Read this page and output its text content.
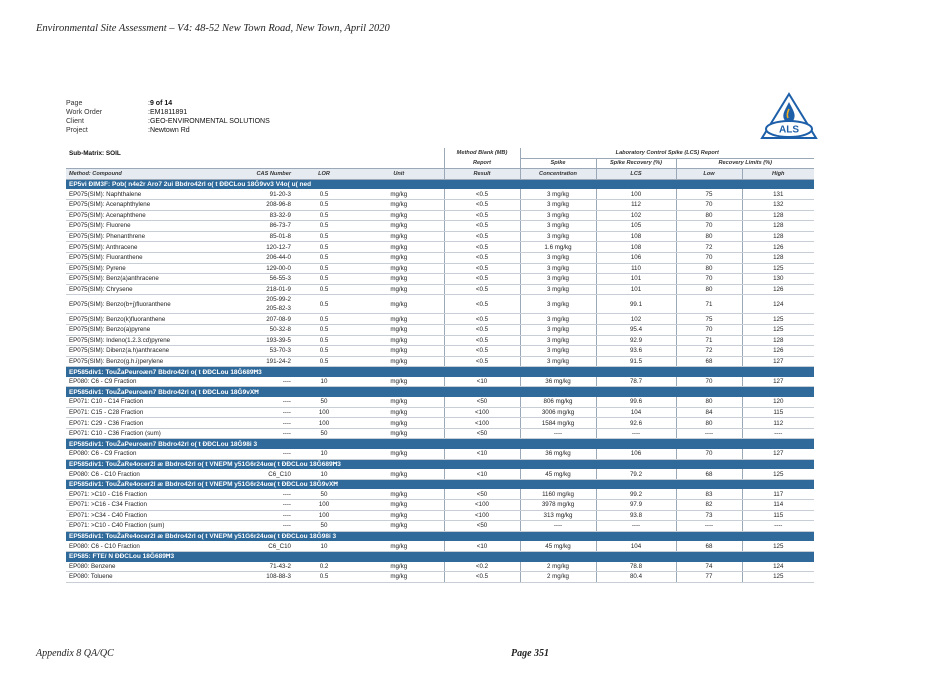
Environmental Site Assessment – V4: 48-52 New Town Road, New Town, April 2020
Page	: 9 of 14
Work Order	: EM1811891
Client	: GEO-ENVIRONMENTAL SOLUTIONS
Project	: Newtown Rd	ALS
Sub-Matrix: SOIL				Method Blank (MB)	Laboratory Control Spike (LCS) Report			
				Report	Spike	Spike Recovery (%)	Recovery Limits (%)	
Method: Compound	CAS Number	LOR	Unit	Result	Concentration	LCS	Low	High
EP5vi ĐIM3F: Poƅ( n4e2r Aro7 2ui Bbdro42rl o( t ĐĐCLou 18Ğ9vv3 V4o( u( ned								
EP075(SIM): Naphthalene	91-20-3	0.5	mg/kg	<0.5	3 mg/kg	100	75	131
EP075(SIM): Acenaphthylene	208-96-8	0.5	mg/kg	<0.5	3 mg/kg	112	70	132
EP075(SIM): Acenaphthene	83-32-9	0.5	mg/kg	<0.5	3 mg/kg	102	80	128
EP075(SIM): Fluorene	86-73-7	0.5	mg/kg	<0.5	3 mg/kg	105	70	128
EP075(SIM): Phenanthrene	85-01-8	0.5	mg/kg	<0.5	3 mg/kg	108	80	128
EP075(SIM): Anthracene	120-12-7	0.5	mg/kg	<0.5	1.6 mg/kg	108	72	126
EP075(SIM): Fluoranthene	206-44-0	0.5	mg/kg	<0.5	3 mg/kg	106	70	128
EP075(SIM): Pyrene	129-00-0	0.5	mg/kg	<0.5	3 mg/kg	110	80	125
EP075(SIM): Benz(a)anthracene	56-55-3	0.5	mg/kg	<0.5	3 mg/kg	101	70	130
EP075(SIM): Chrysene	218-01-9	0.5	mg/kg	<0.5	3 mg/kg	101	80	126
EP075(SIM): Benzo(b+j)fluoranthene	205-99-2
205-82-3	0.5	mg/kg	<0.5	3 mg/kg	99.1	71	124
EP075(SIM): Benzo(k)fluoranthene	207-08-9	0.5	mg/kg	<0.5	3 mg/kg	102	75	125
EP075(SIM): Benzo(a)pyrene	50-32-8	0.5	mg/kg	<0.5	3 mg/kg	95.4	70	125
EP075(SIM): Indeno(1.2.3.cd)pyrene	193-39-5	0.5	mg/kg	<0.5	3 mg/kg	92.9	71	128
EP075(SIM): Dibenz(a.h)anthracene	53-70-3	0.5	mg/kg	<0.5	3 mg/kg	93.6	72	126
EP075(SIM): Benzo(g.h.i)perylene	191-24-2	0.5	mg/kg	<0.5	3 mg/kg	91.5	68	127
EP585div1: TouŽaPeuroæn7 Bbdro42rl o( t ĐĐCLou 18Ğ689Ħ3								
EP080: C6 - C9 Fraction	----	10	mg/kg	<10	36 mg/kg	78.7	70	127
EP585div1: TouŽaPeuroæn7 Bbdro42rl o( t ĐĐCLou 18Ğ9vXĦ								
EP071: C10 - C14 Fraction	----	50	mg/kg	<50	806 mg/kg	99.6	80	120
EP071: C15 - C28 Fraction	----	100	mg/kg	<100	3006 mg/kg	104	84	115
EP071: C29 - C36 Fraction	----	100	mg/kg	<100	1584 mg/kg	92.6	80	112
EP071: C10 - C36 Fraction (sum)	----	50	mg/kg	<50	----	----	----	----
EP585div1: TouŽaPeuroæn7 Bbdro42rl o( t ĐĐCLou 18Ğ98i 3								
EP080: C6 - C9 Fraction	----	10	mg/kg	<10	36 mg/kg	106	70	127
EP585div1: TouŽaRe4ocer2l æ Bbdro42rl o( t VNEPM y51G6r24uœ( t ĐĐCLou 18Ğ689Ħ3								
EP080: C6 - C10 Fraction	C6_C10	10	mg/kg	<10	45 mg/kg	79.2	68	125
EP585div1: TouŽaRe4ocer2l æ Bbdro42rl o( t VNEPM y51G6r24uœ( t ĐĐCLou 18Ğ9vXĦ								
EP071: >C10 - C16 Fraction	----	50	mg/kg	<50	1160 mg/kg	99.2	83	117
EP071: >C16 - C34 Fraction	----	100	mg/kg	<100	3978 mg/kg	97.9	82	114
EP071: >C34 - C40 Fraction	----	100	mg/kg	<100	313 mg/kg	93.8	73	115
EP071: >C10 - C40 Fraction (sum)	----	50	mg/kg	<50	----	----	----	----
EP585div1: TouŽaRe4ocer2l æ Bbdro42rl o( t VNEPM y51G6r24uœ( t ĐĐCLou 18Ğ98i 3								
EP080: C6 - C10 Fraction	C6_C10	10	mg/kg	<10	45 mg/kg	104	68	125
EP585: FTE/ N ĐĐCLou 18Ğ689Ħ3								
EP080: Benzene	71-43-2	0.2	mg/kg	<0.2	2 mg/kg	78.8	74	124
EP080: Toluene	108-88-3	0.5	mg/kg	<0.5	2 mg/kg	80.4	77	125
Appendix 8 QA/QC	Page 351
